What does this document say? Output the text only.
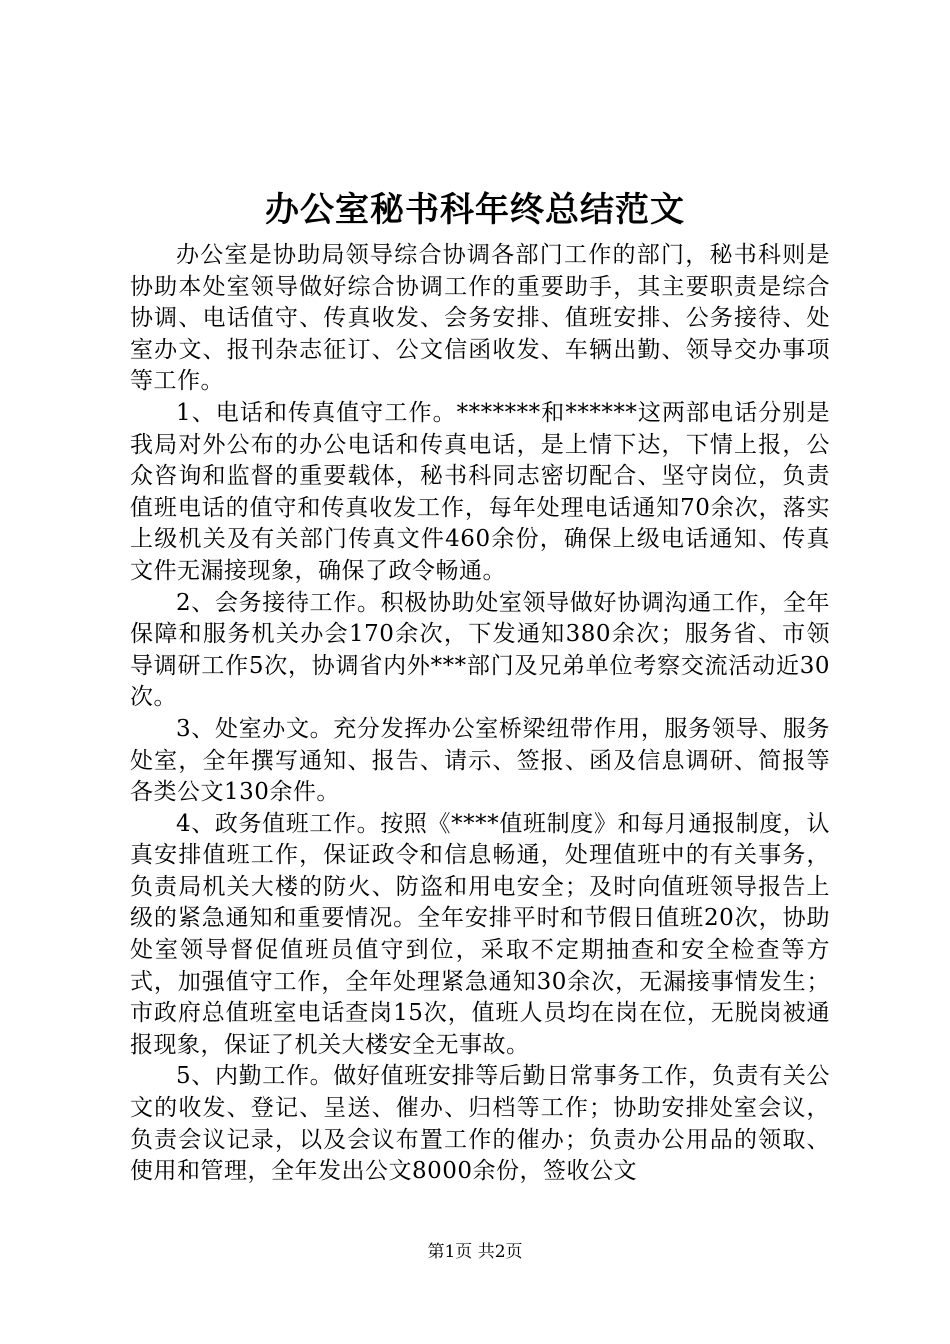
办公室秘书科年终总结范文

办公室是协助局领导综合协调各部门工作的部门，秘书科则是协助本处室领导做好综合协调工作的重要助手，其主要职责是综合协调、电话值守、传真收发、会务安排、值班安排、公务接待、处室办文、报刊杂志征订、公文信函收发、车辆出勤、领导交办事项等工作。

1、电话和传真值守工作。*******和******这两部电话分别是我局对外公布的办公电话和传真电话，是上情下达，下情上报，公众咨询和监督的重要载体，秘书科同志密切配合、坚守岗位，负责值班电话的值守和传真收发工作，每年处理电话通知70余次，落实上级机关及有关部门传真文件460余份，确保上级电话通知、传真文件无漏接现象，确保了政令畅通。

2、会务接待工作。积极协助处室领导做好协调沟通工作，全年保障和服务机关办会170余次，下发通知380余次；服务省、市领导调研工作5次，协调省内外***部门及兄弟单位考察交流活动近30次。

3、处室办文。充分发挥办公室桥梁纽带作用，服务领导、服务处室，全年撰写通知、报告、请示、签报、函及信息调研、简报等各类公文130余件。

4、政务值班工作。按照《****值班制度》和每月通报制度，认真安排值班工作，保证政令和信息畅通，处理值班中的有关事务，负责局机关大楼的防火、防盗和用电安全；及时向值班领导报告上级的紧急通知和重要情况。全年安排平时和节假日值班20次，协助处室领导督促值班员值守到位，采取不定期抽查和安全检查等方式，加强值守工作，全年处理紧急通知30余次，无漏接事情发生；市政府总值班室电话查岗15次，值班人员均在岗在位，无脱岗被通报现象，保证了机关大楼安全无事故。

5、内勤工作。做好值班安排等后勤日常事务工作，负责有关公文的收发、登记、呈送、催办、归档等工作；协助安排处室会议，负责会议记录，以及会议布置工作的催办；负责办公用品的领取、使用和管理，全年发出公文8000余份，签收公文

第1页 共2页
